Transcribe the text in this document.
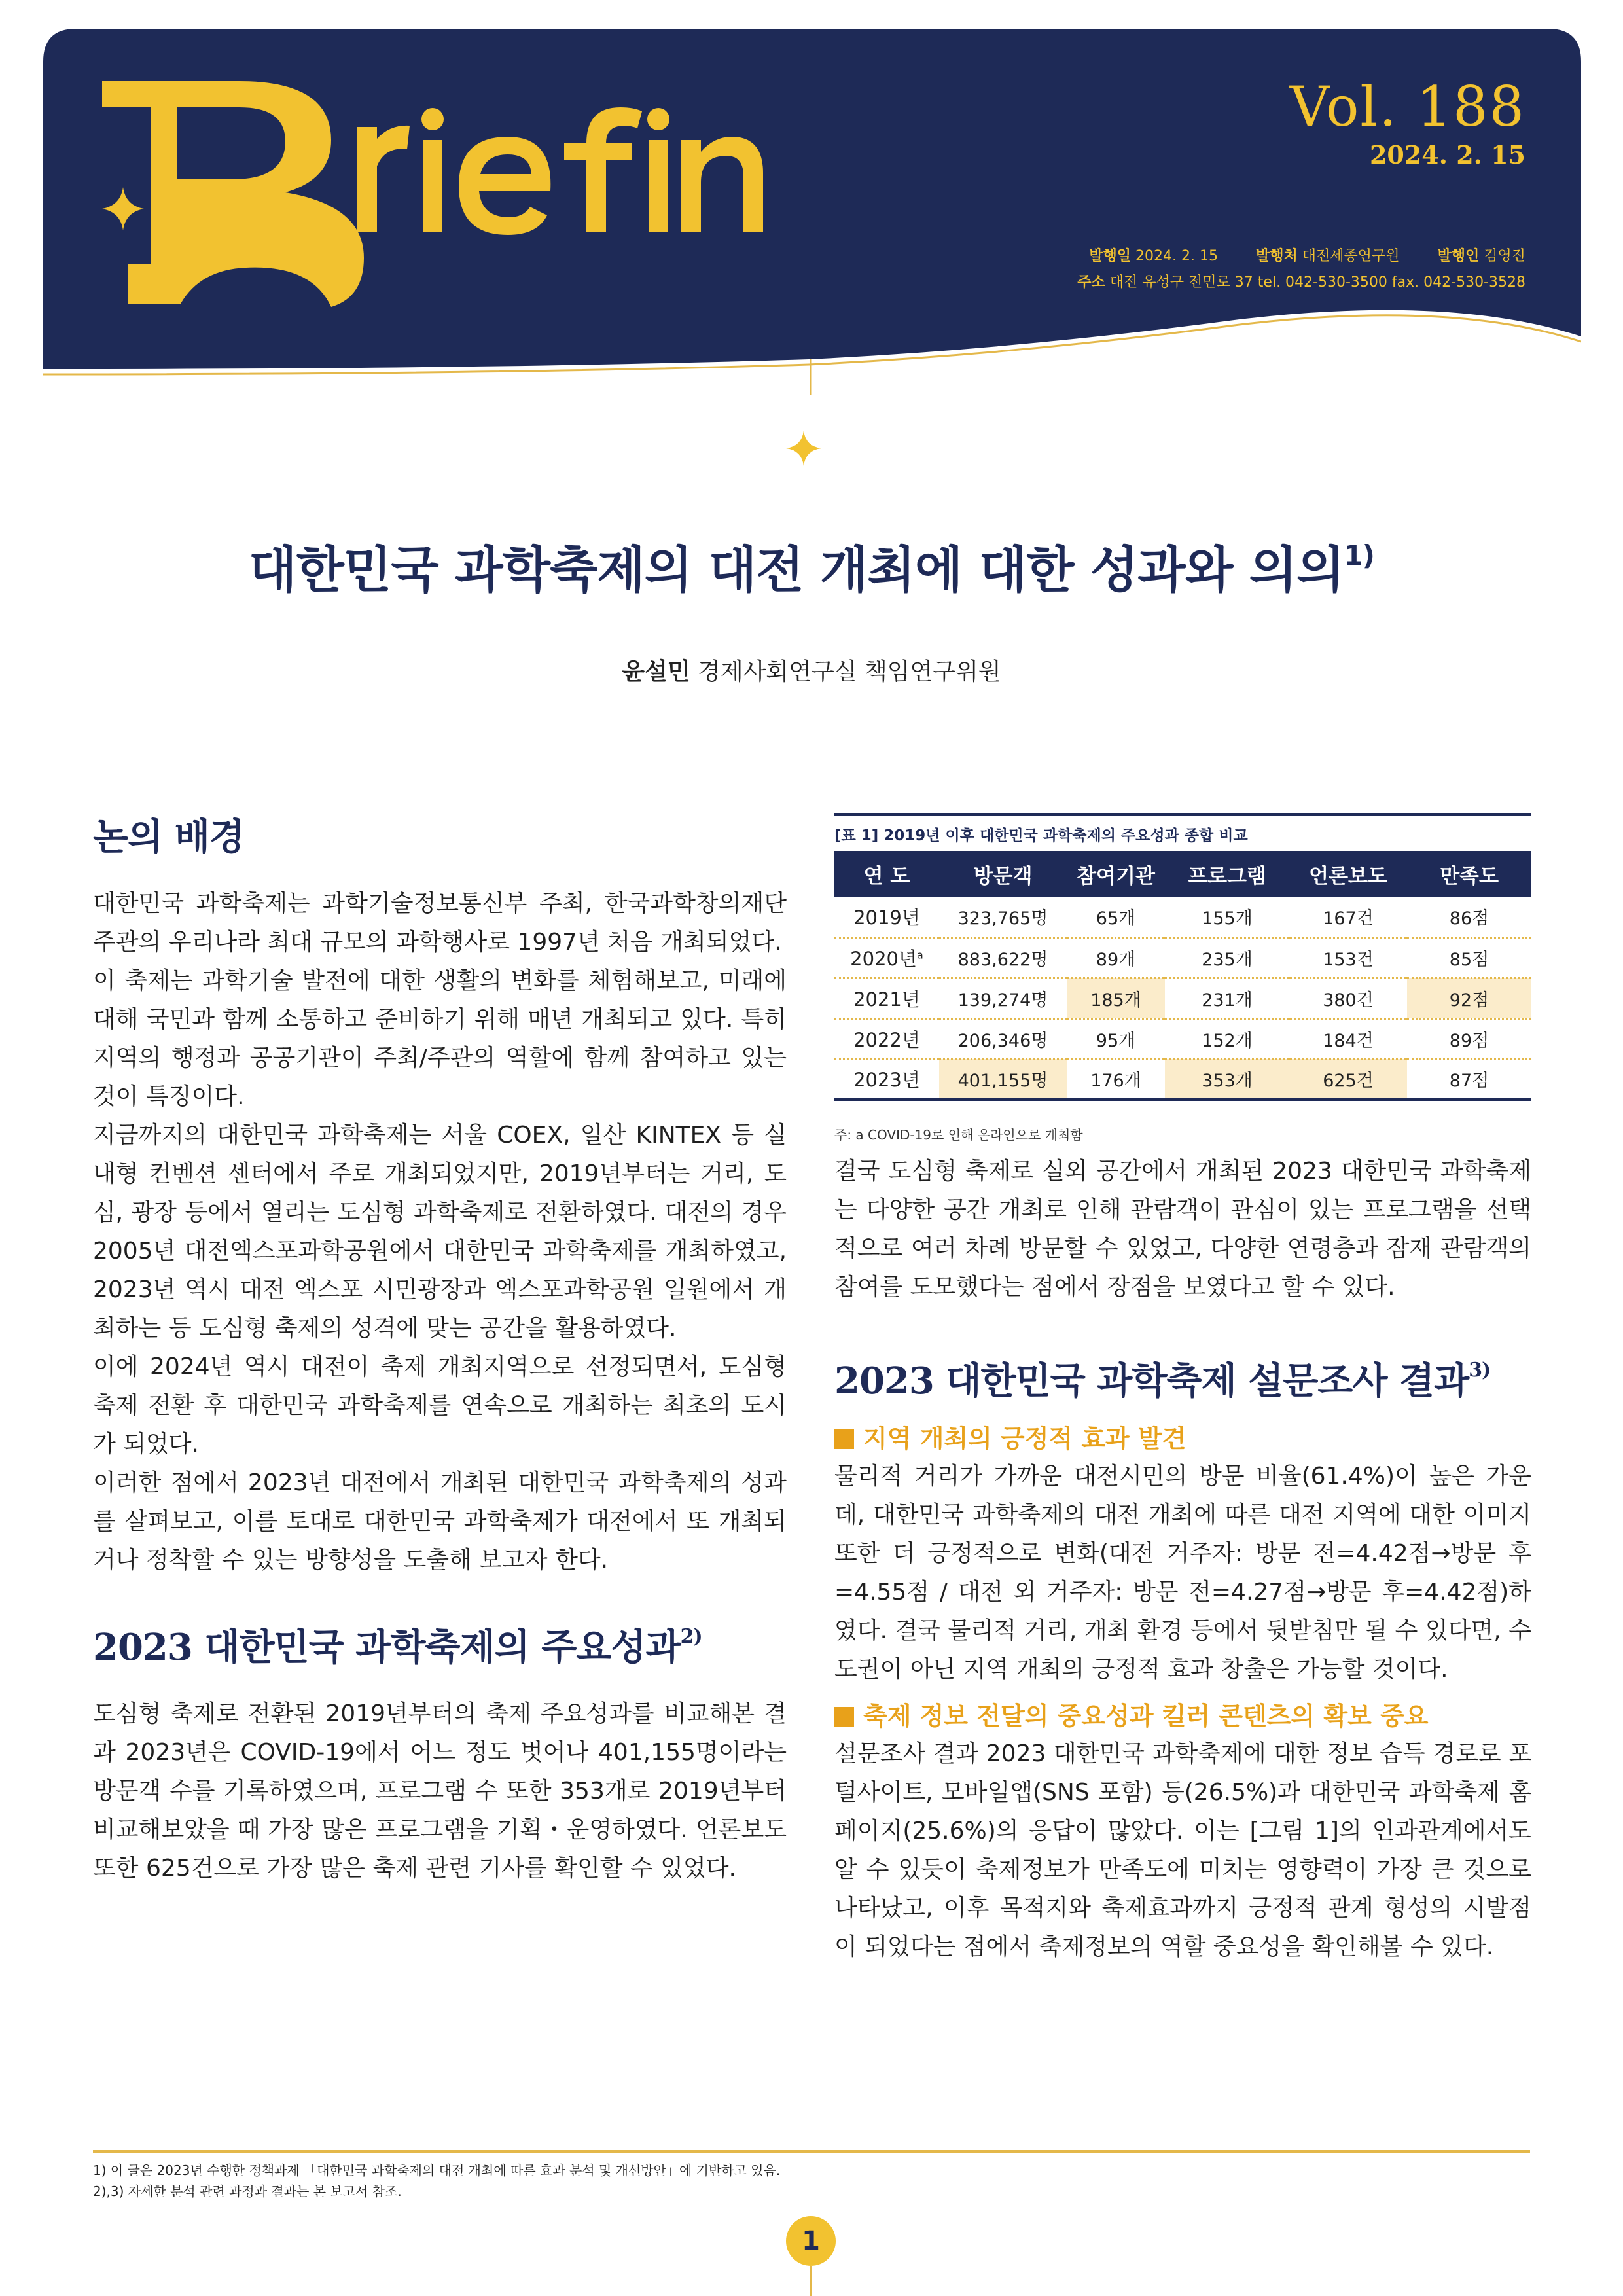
Vol. 188
2024. 2. 15
발행일 2024. 2. 15	발행처 대전세종연구원	발행인 김영진
주소 대전 유성구 전민로 37 tel. 042-530-3500 fax. 042-530-3528
대한민국 과학축제의 대전 개최에 대한 성과와 의의$^{1)}$
윤설민 경제사회연구실 책임연구위원
논의 배경

대한민국 과학축제는 과학기술정보통신부 주최, 한국과학창의재단 주관의 우리나라 최대 규모의 과학행사로 1997년 처음 개최되었다.

이 축제는 과학기술 발전에 대한 생활의 변화를 체험해보고, 미래에 대해 국민과 함께 소통하고 준비하기 위해 매년 개최되고 있다. 특히 지역의 행정과 공공기관이 주최/주관의 역할에 함께 참여하고 있는 것이 특징이다.

지금까지의 대한민국 과학축제는 서울 COEX, 일산 KINTEX 등 실내형 컨벤션 센터에서 주로 개최되었지만, 2019년부터는 거리, 도심, 광장 등에서 열리는 도심형 과학축제로 전환하였다. 대전의 경우 2005년 대전엑스포과학공원에서 대한민국 과학축제를 개최하였고, 2023년 역시 대전 엑스포 시민광장과 엑스포과학공원 일원에서 개최하는 등 도심형 축제의 성격에 맞는 공간을 활용하였다.

이에 2024년 역시 대전이 축제 개최지역으로 선정되면서, 도심형 축제 전환 후 대한민국 과학축제를 연속으로 개최하는 최초의 도시가 되었다.

이러한 점에서 2023년 대전에서 개최된 대한민국 과학축제의 성과를 살펴보고, 이를 토대로 대한민국 과학축제가 대전에서 또 개최되거나 정착할 수 있는 방향성을 도출해 보고자 한다.

2023 대한민국 과학축제의 주요성과$^{2)}$

도심형 축제로 전환된 2019년부터의 축제 주요성과를 비교해본 결과 2023년은 COVID-19에서 어느 정도 벗어나 401,155명이라는 방문객 수를 기록하였으며, 프로그램 수 또한 353개로 2019년부터 비교해보았을 때 가장 많은 프로그램을 기획・운영하였다. 언론보도 또한 625건으로 가장 많은 축제 관련 기사를 확인할 수 있었다.

[표 1] 2019년 이후 대한민국 과학축제의 주요성과 종합 비교
연 도	방문객	참여기관	프로그램	언론보도	만족도
2019년	323,765명	65개	155개	167건	86점
2020년$^a$	883,622명	89개	235개	153건	85점
2021년	139,274명	185개	231개	380건	92점
2022년	206,346명	95개	152개	184건	89점
2023년	401,155명	176개	353개	625건	87점
주: a COVID-19로 인해 온라인으로 개최함

결국 도심형 축제로 실외 공간에서 개최된 2023 대한민국 과학축제는 다양한 공간 개최로 인해 관람객이 관심이 있는 프로그램을 선택적으로 여러 차례 방문할 수 있었고, 다양한 연령층과 잠재 관람객의 참여를 도모했다는 점에서 장점을 보였다고 할 수 있다.

2023 대한민국 과학축제 설문조사 결과$^{3)}$
지역 개최의 긍정적 효과 발견

물리적 거리가 가까운 대전시민의 방문 비율(61.4%)이 높은 가운데, 대한민국 과학축제의 대전 개최에 따른 대전 지역에 대한 이미지 또한 더 긍정적으로 변화(대전 거주자: 방문 전=4.42점→방문 후=4.55점 / 대전 외 거주자: 방문 전=4.27점→방문 후=4.42점)하였다. 결국 물리적 거리, 개최 환경 등에서 뒷받침만 될 수 있다면, 수도권이 아닌 지역 개최의 긍정적 효과 창출은 가능할 것이다.

축제 정보 전달의 중요성과 킬러 콘텐츠의 확보 중요

설문조사 결과 2023 대한민국 과학축제에 대한 정보 습득 경로로 포털사이트, 모바일앱(SNS 포함) 등(26.5%)과 대한민국 과학축제 홈페이지(25.6%)의 응답이 많았다. 이는 [그림 1]의 인과관계에서도 알 수 있듯이 축제정보가 만족도에 미치는 영향력이 가장 큰 것으로 나타났고, 이후 목적지와 축제효과까지 긍정적 관계 형성의 시발점이 되었다는 점에서 축제정보의 역할 중요성을 확인해볼 수 있다.

1) 이 글은 2023년 수행한 정책과제 「대한민국 과학축제의 대전 개최에 따른 효과 분석 및 개선방안」에 기반하고 있음.
2),3) 자세한 분석 관련 과정과 결과는 본 보고서 참조.
1
